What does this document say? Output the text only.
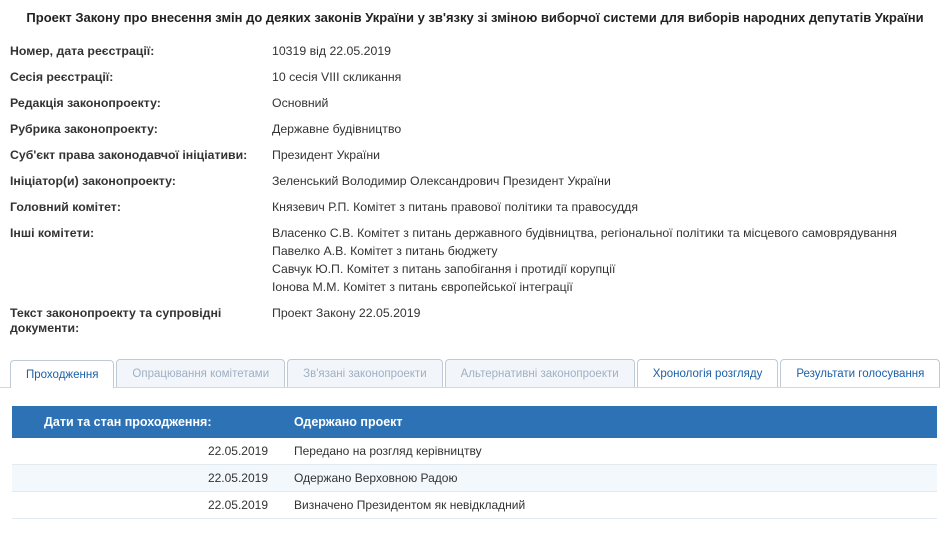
Проект Закону про внесення змін до деяких законів України у зв'язку зі зміною виборчої системи для виборів народних депутатів України
Номер, дата реєстрації:	10319 від 22.05.2019
Сесія реєстрації:	10 сесія VIII скликання
Редакція законопроекту:	Основний
Рубрика законопроекту:	Державне будівництво
Суб'єкт права законодавчої ініціативи:	Президент України
Ініціатор(и) законопроекту:	Зеленський Володимир Олександрович Президент України
Головний комітет:	Князевич Р.П. Комітет з питань правової політики та правосуддя
Інші комітети:	Власенко С.В. Комітет з питань державного будівництва, регіональної політики та місцевого самоврядування
Павелко А.В. Комітет з питань бюджету
Савчук Ю.П. Комітет з питань запобігання і протидії корупції
Іонова М.М. Комітет з питань європейської інтеграції

Текст законопроекту та супровідні документи:	Проект Закону 22.05.2019
Проходження	Опрацювання комітетами	Зв'язані законопроекти	Альтернативні законопроекти	Хронологія розгляду	Результати голосування
Дати та стан проходження:	Одержано проект
22.05.2019	Передано на розгляд керівництву
22.05.2019	Одержано Верховною Радою
22.05.2019	Визначено Президентом як невідкладний
